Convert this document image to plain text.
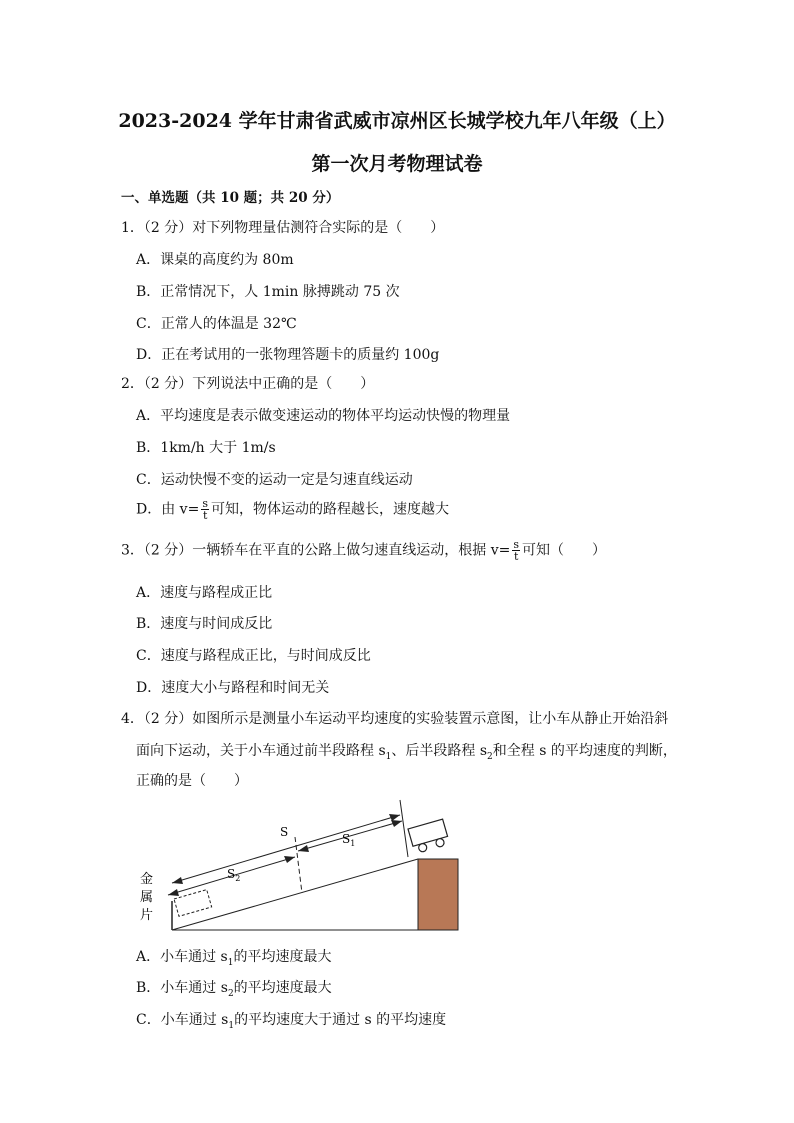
2023-2024 学年甘肃省武威市凉州区长城学校九年八年级（上）
第一次月考物理试卷
一、单选题（共 10 题；共 20 分）
1．（2 分）对下列物理量估测符合实际的是（　　）
A．课桌的高度约为 80m
B．正常情况下，人 1min 脉搏跳动 75 次
C．正常人的体温是 32℃
D．正在考试用的一张物理答题卡的质量约 100g
2．（2 分）下列说法中正确的是（　　）
A．平均速度是表示做变速运动的物体平均运动快慢的物理量
B．1km/h 大于 1m/s
C．运动快慢不变的运动一定是匀速直线运动
D．由 $v= \frac{s}{t}$ 可知，物体运动的路程越长，速度越大
3．（2 分）一辆轿车在平直的公路上做匀速直线运动，根据 $v= \frac{s}{t}$ 可知（　　）
A．速度与路程成正比
B．速度与时间成反比
C．速度与路程成正比，与时间成反比
D．速度大小与路程和时间无关
4．（2 分）如图所示是测量小车运动平均速度的实验装置示意图，让小车从静止开始沿斜
面向下运动，关于小车通过前半段路程 $s_1$、后半段路程 $s_2$和全程 s 的平均速度的判断，
正确的是（　　）
S	$S_1$
$S_2$
金
属
片
A．小车通过 $s_1$的平均速度最大
B．小车通过 $s_2$的平均速度最大
C．小车通过 $s_1$的平均速度大于通过 s 的平均速度
